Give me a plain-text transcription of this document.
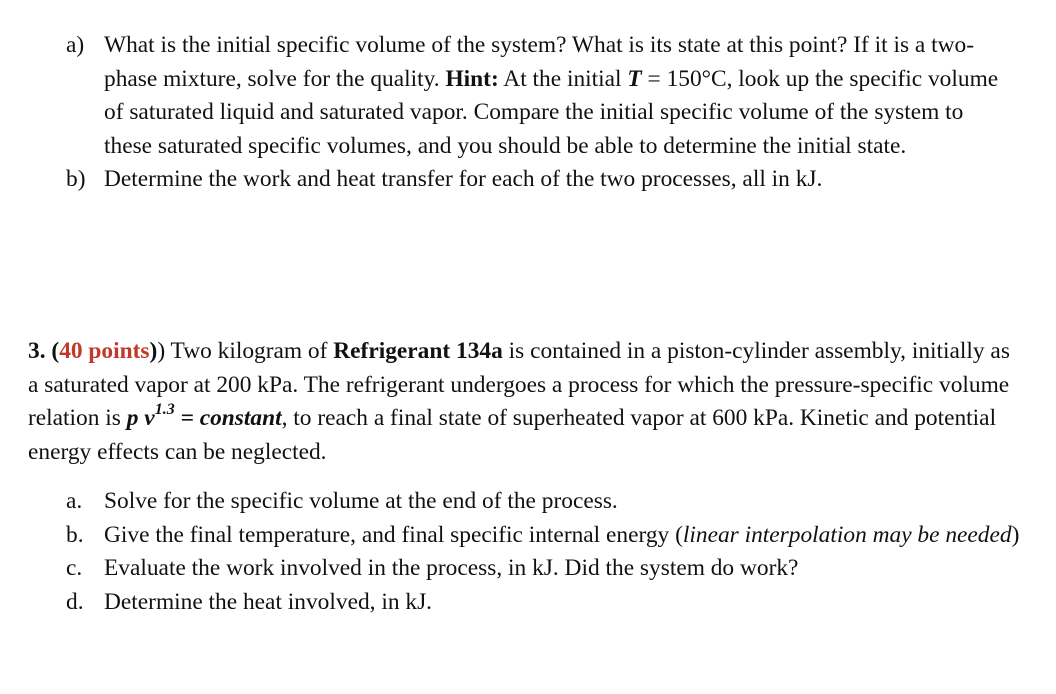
a) What is the initial specific volume of the system? What is its state at this point? If it is a two-phase mixture, solve for the quality. Hint: At the initial T = 150°C, look up the specific volume of saturated liquid and saturated vapor. Compare the initial specific volume of the system to these saturated specific volumes, and you should be able to determine the initial state.
b) Determine the work and heat transfer for each of the two processes, all in kJ.
3. (40 points)) Two kilogram of Refrigerant 134a is contained in a piston-cylinder assembly, initially as a saturated vapor at 200 kPa. The refrigerant undergoes a process for which the pressure-specific volume relation is p $v^{1.3}$ = constant, to reach a final state of superheated vapor at 600 kPa. Kinetic and potential energy effects can be neglected.
a. Solve for the specific volume at the end of the process.
b. Give the final temperature, and final specific internal energy (linear interpolation may be needed)
c. Evaluate the work involved in the process, in kJ. Did the system do work?
d. Determine the heat involved, in kJ.
